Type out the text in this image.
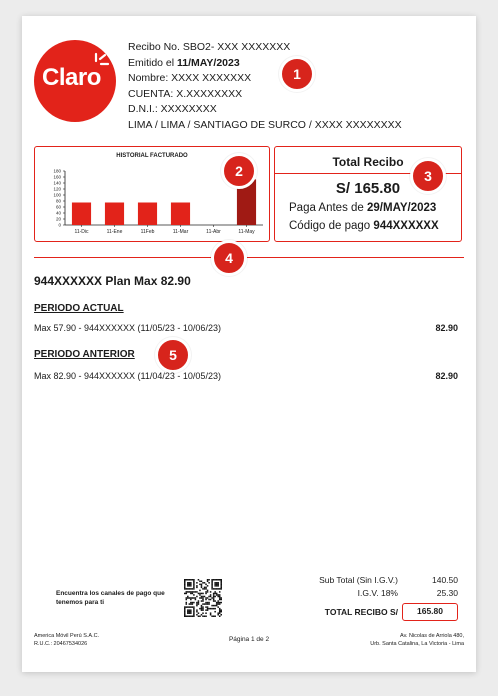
Claro
Recibo No. SBO2- XXX XXXXXXX
Emitido el 11/MAY/2023
Nombre: XXXX XXXXXXX
CUENTA: X.XXXXXXXX
D.N.I.: XXXXXXXX
LIMA / LIMA / SANTIAGO DE SURCO / XXXX XXXXXXXX
1
HISTORIAL FACTURADO
180
160
140
120
100
80
60
40
20
0
11-Dic	11-Ene	11Feb	11-Mar	11-Abr	11-May
2
Total Recibo
S/ 165.80
Paga Antes de 29/MAY/2023
Código de pago 944XXXXXX
3
4
944XXXXXX Plan Max 82.90
PERIODO ACTUAL
Max 57.90 - 944XXXXXX (11/05/23 - 10/06/23)	82.90
PERIODO ANTERIOR	5
Max 82.90 - 944XXXXXX (11/04/23 - 10/05/23)	82.90
Encuentra los canales de pago que tenemos para ti
Sub Total (Sin I.G.V.)	140.50
I.G.V. 18%	25.30
TOTAL RECIBO S/	165.80
America Móvil Perú S.A.C.
R.U.C.: 20467534026
Página 1 de 2	Av. Nicolas de Arriola 480,
Urb. Santa Catalina, La Victoria - Lima
